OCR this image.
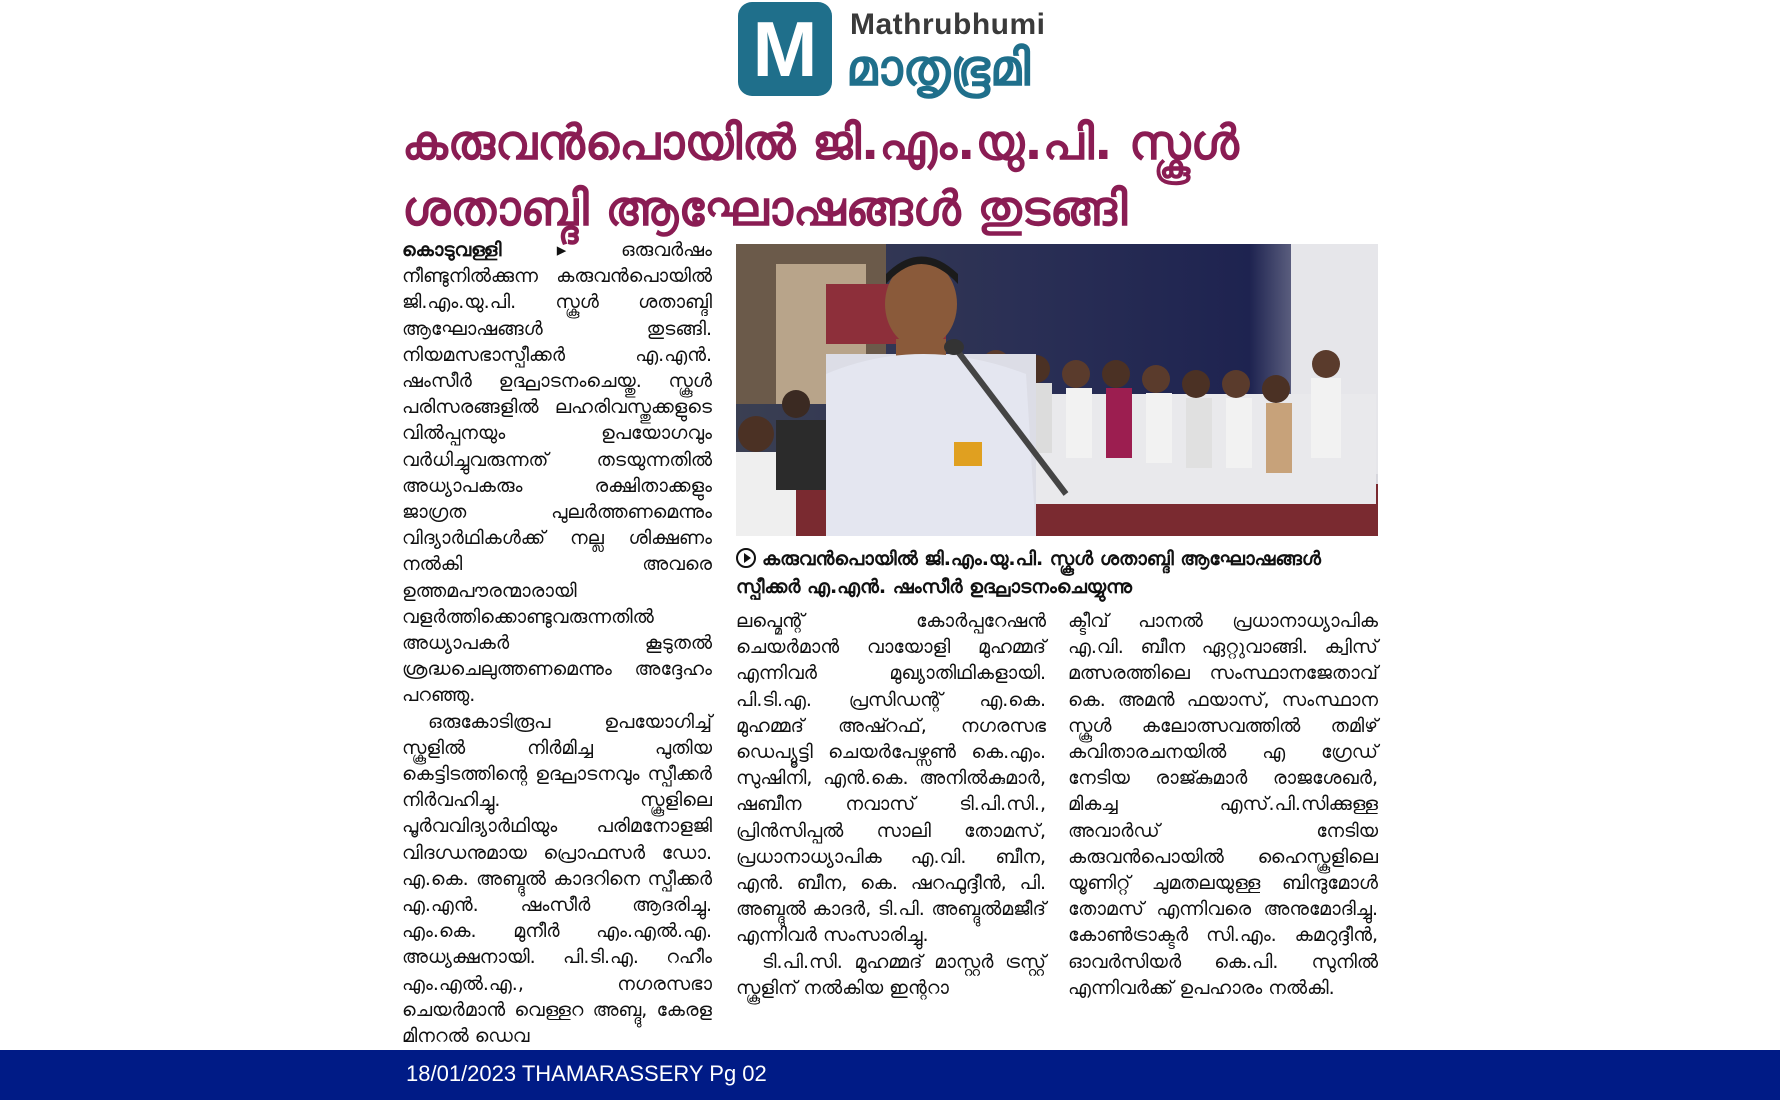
M	Mathrubhumi
മാതൃഭൂമി
കരുവൻപൊയിൽ ജി.എം.യു.പി. സ്കൂൾ
ശതാബ്ദി ആഘോഷങ്ങൾ തുടങ്ങി

കൊടുവള്ളി ▸	ഒരുവർഷം നീണ്ടുനിൽക്കുന്ന കരുവൻപൊയിൽ ജി.എം.യു.പി. സ്കൂൾ ശതാബ്ദി ആഘോഷങ്ങൾ തുടങ്ങി. നിയമസഭാസ്പീക്കർ എ.എൻ. ഷംസീർ ഉദ്ഘാടനംചെയ്തു. സ്കൂൾ പരിസരങ്ങളിൽ ലഹരിവസ്തുക്കളുടെ വിൽപ്പനയും ഉപയോഗവും വർധിച്ചുവരുന്നത് തടയുന്നതിൽ അധ്യാപകരും രക്ഷിതാക്കളും ജാഗ്രത പുലർത്തണമെന്നും വിദ്യാർഥികൾക്ക് നല്ല ശിക്ഷണം നൽകി അവരെ ഉത്തമപൗരന്മാരായി വളർത്തിക്കൊണ്ടുവരുന്നതിൽ അധ്യാപകർ കൂടുതൽ ശ്രദ്ധചെലുത്തണമെന്നും അദ്ദേഹം പറഞ്ഞു.

ഒരുകോടിരൂപ ഉപയോഗിച്ച് സ്കൂളിൽ നിർമിച്ച പുതിയ കെട്ടിടത്തിന്റെ ഉദ്ഘാടനവും സ്പീക്കർ നിർവഹിച്ചു. സ്കൂളിലെ പൂർവവിദ്യാർഥിയും പരിമനോളജി വിദഗ്ധനുമായ പ്രൊഫസർ ഡോ. എ.കെ. അബ്ദുൽ കാദറിനെ സ്പീക്കർ എ.എൻ. ഷംസീർ ആദരിച്ചു. എം.കെ. മുനീർ എം.എൽ.എ. അധ്യക്ഷനായി. പി.ടി.എ. റഹീം എം.എൽ.എ., നഗരസഭാ ചെയർമാൻ വെള്ളറ അബ്ദു, കേരള മിനറൽ ഡെവ

കരുവൻപൊയിൽ ജി.എം.യു.പി. സ്കൂൾ ശതാബ്ദി ആഘോഷങ്ങൾ സ്പീക്കർ എ.എൻ. ഷംസീർ ഉദ്ഘാടനംചെയ്യുന്നു

ലപ്മെന്റ് കോർപ്പറേഷൻ ചെയർമാൻ വായോളി മുഹമ്മദ് എന്നിവർ മുഖ്യാതിഥികളായി. പി.ടി.എ. പ്രസിഡന്റ് എ.കെ. മുഹമ്മദ് അഷ്റഫ്, നഗരസഭ ഡെപ്യൂട്ടി ചെയർപേഴ്സൺ കെ.എം. സുഷിനി, എൻ.കെ. അനിൽകുമാർ, ഷബീന നവാസ് ടി.പി.സി., പ്രിൻസിപ്പൽ സാലി തോമസ്, പ്രധാനാധ്യാപിക എ.വി. ബീന, എൻ. ബീന, കെ. ഷറഫുദ്ദീൻ, പി. അബ്ദുൽ കാദർ, ടി.പി. അബ്ദുൽമജീദ് എന്നിവർ സംസാരിച്ചു.

ടി.പി.സി. മുഹമ്മദ് മാസ്റ്റർ ട്രസ്റ്റ് സ്കൂളിന് നൽകിയ ഇന്ററാ

ക്ടീവ് പാനൽ പ്രധാനാധ്യാപിക എ.വി. ബീന ഏറ്റുവാങ്ങി. ക്വിസ് മത്സരത്തിലെ സംസ്ഥാനജേതാവ് കെ. അമൻ ഫയാസ്, സംസ്ഥാന സ്കൂൾ കലോത്സവത്തിൽ തമിഴ് കവിതാരചനയിൽ എ ഗ്രേഡ് നേടിയ രാജ്കുമാർ രാജശേഖർ, മികച്ച എസ്.പി.സിക്കുള്ള അവാർഡ് നേടിയ കരുവൻപൊയിൽ ഹൈസ്കൂളിലെ യൂണിറ്റ് ചുമതലയുള്ള ബിന്ദുമോൾ തോമസ് എന്നിവരെ അനുമോദിച്ചു. കോൺട്രാക്ടർ സി.എം. കമറുദ്ദീൻ, ഓവർസിയർ കെ.പി. സുനിൽ എന്നിവർക്ക് ഉപഹാരം നൽകി.

18/01/2023 THAMARASSERY Pg 02
